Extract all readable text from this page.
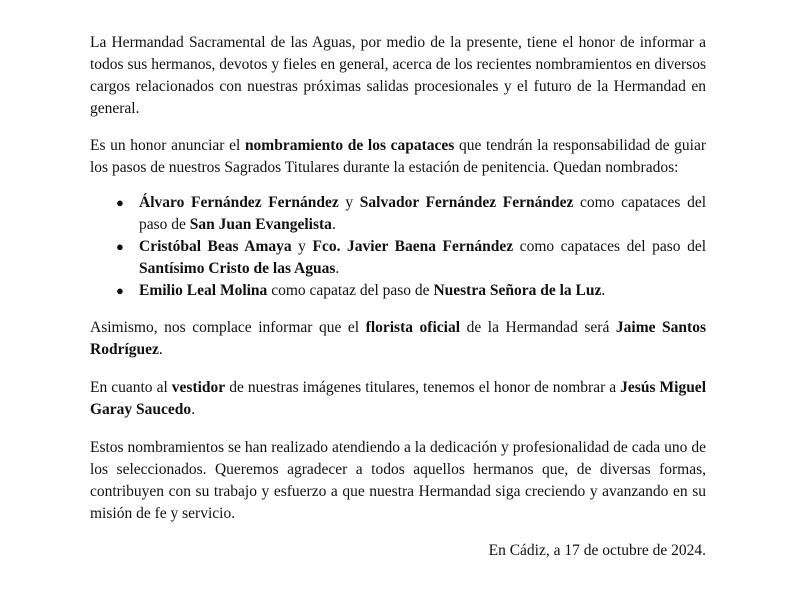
La Hermandad Sacramental de las Aguas, por medio de la presente, tiene el honor de informar a todos sus hermanos, devotos y fieles en general, acerca de los recientes nombramientos en diversos cargos relacionados con nuestras próximas salidas procesionales y el futuro de la Hermandad en general.

Es un honor anunciar el nombramiento de los capataces que tendrán la responsabilidad de guiar los pasos de nuestros Sagrados Titulares durante la estación de penitencia. Quedan nombrados:

● Álvaro Fernández Fernández y Salvador Fernández Fernández como capataces del paso de San Juan Evangelista.
● Cristóbal Beas Amaya y Fco. Javier Baena Fernández como capataces del paso del Santísimo Cristo de las Aguas.
● Emilio Leal Molina como capataz del paso de Nuestra Señora de la Luz.

Asimismo, nos complace informar que el florista oficial de la Hermandad será Jaime Santos Rodríguez.

En cuanto al vestidor de nuestras imágenes titulares, tenemos el honor de nombrar a Jesús Miguel Garay Saucedo.

Estos nombramientos se han realizado atendiendo a la dedicación y profesionalidad de cada uno de los seleccionados. Queremos agradecer a todos aquellos hermanos que, de diversas formas, contribuyen con su trabajo y esfuerzo a que nuestra Hermandad siga creciendo y avanzando en su misión de fe y servicio.

En Cádiz, a 17 de octubre de 2024.
